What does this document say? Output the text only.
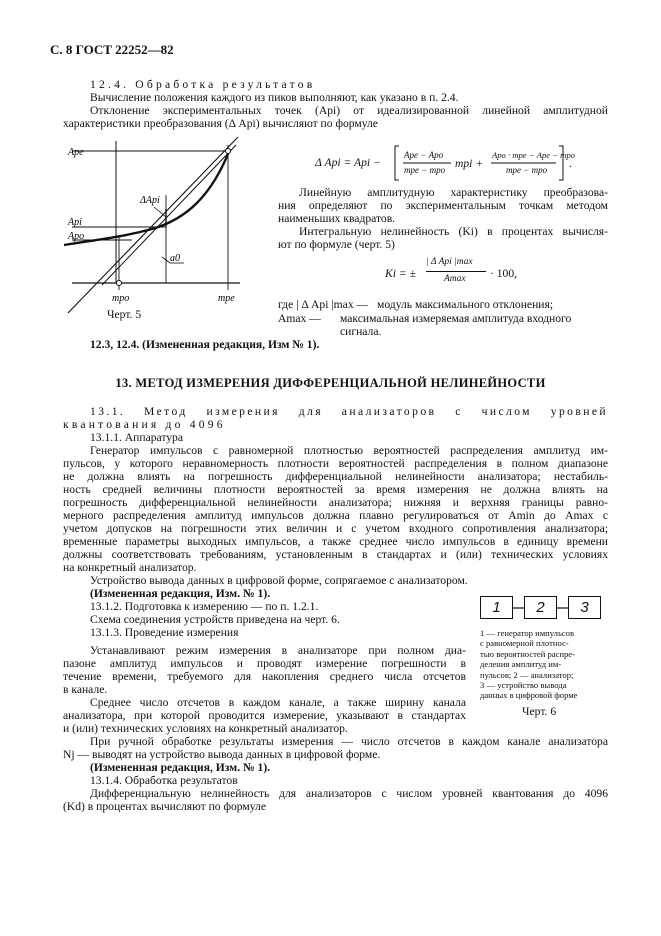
С. 8 ГОСТ 22252—82
12.4. Обработка результатов
Вычисление положения каждого из пиков выполняют, как указано в п. 2.4.
Отклонение экспериментальных точек (Aрi) от идеализированной линейной амплитудной
характеристики преобразования (Δ Aрi) вычисляют по формуле
Aрe
ΔApi
Apі
Apo
a0
mрo	mрe
Черт. 5
Δ Aрi = Aрi −
Aре − Aро
mре − mро mрi +
Aро · mре − Aре − mро
mре − mро .
Линейную амплитудную характеристику преобразова-
ния определяют по экспериментальным точкам методом
наименьших квадратов.
Интегральную нелинейность (Ki) в процентах вычисля-
ют по формуле (черт. 5)
Ki = ±
| Δ Aрi |max
Amax · 100,
где | Δ Aрi |max — модуль максимального отклонения;
Amax — максимальная измеряемая амплитуда входного
сигнала.
12.3, 12.4. (Измененная редакция, Изм № 1).
13. МЕТОД ИЗМЕРЕНИЯ ДИФФЕРЕНЦИАЛЬНОЙ НЕЛИНЕЙНОСТИ
13.1. Метод измерения для анализаторов с числом уровней
квантования до 4096
13.1.1. Аппаратура
Генератор импульсов с равномерной плотностью вероятностей распределения амплитуд им-
пульсов, у которого неравномерность плотности вероятностей распределения в полном диапазоне
не должна влиять на погрешность дифференциальной нелинейности анализатора; нестабиль-
ность средней величины плотности вероятностей за время измерения не должна влиять на
погрешность дифференциальной нелинейности анализатора; нижняя и верхняя границы равно-
мерного распределения амплитуд импульсов должна плавно регулироваться от Amin до Amax с
учетом допусков на погрешности этих величин и с учетом входного сопротивления анализатора;
временные параметры выходных импульсов, а также среднее число импульсов в единицу времени
должны соответствовать требованиям, установленным в стандартах и (или) технических условиях
на конкретный анализатор.
Устройство вывода данных в цифровой форме, сопрягаемое с анализатором.
(Измененная редакция, Изм. № 1).
13.1.2. Подготовка к измерению — по п. 1.2.1.
Схема соединения устройств приведена на черт. 6.
13.1.3. Проведение измерения
Устанавливают режим измерения в анализаторе при полном диа-
пазоне амплитуд импульсов и проводят измерение погрешности в
течение времени, требуемого для накопления среднего числа отсчетов
в канале.
Среднее число отсчетов в каждом канале, а также ширину канала
анализатора, при которой проводится измерение, указывают в стандартах
и (или) технических условиях на конкретный анализатор.
При ручной обработке результаты измерения — число отсчетов в каждом канале анализатора
Nj — выводят на устройство вывода данных в цифровой форме.
(Измененная редакция, Изм. № 1).
13.1.4. Обработка результатов
Дифференциальную нелинейность для анализаторов с числом уровней квантования до 4096
(Kd) в процентах вычисляют по формуле
1	2	3
1 — генератор импульсов
с равномерной плотнос-
тью вероятностей распре-
деления амплитуд им-
пульсов; 2 — анализатор;
3 — устройство вывода
данных в цифровой форме
Черт. 6
